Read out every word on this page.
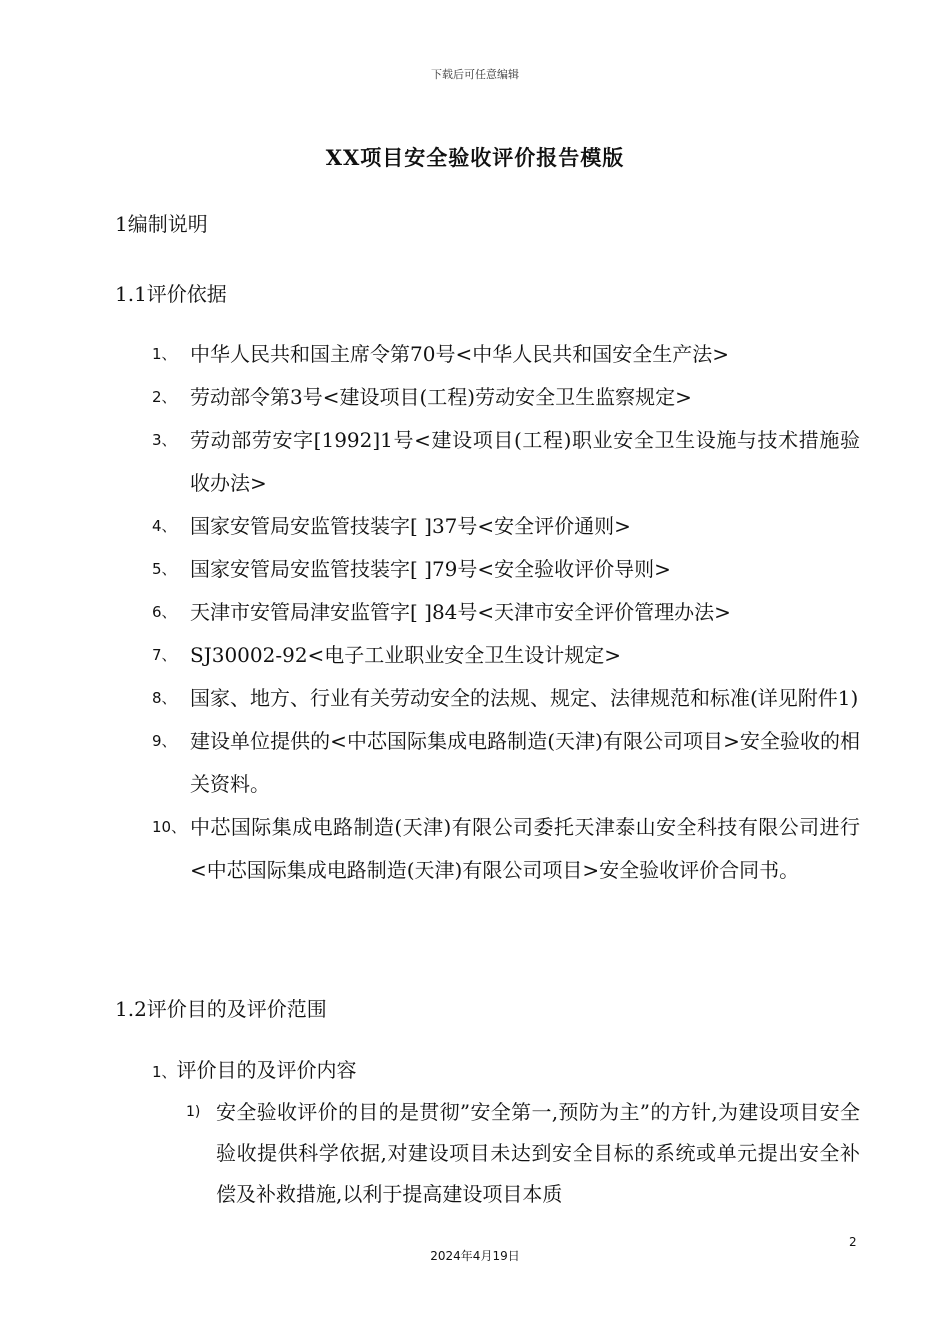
下载后可任意编辑
XX项目安全验收评价报告模版
1编制说明
1.1评价依据
1、 中华人民共和国主席令第70号<中华人民共和国安全生产法>
2、 劳动部令第3号<建设项目(工程)劳动安全卫生监察规定>
3、 劳动部劳安字[1992]1号<建设项目(工程)职业安全卫生设施与技术措施验收办法>
4、 国家安管局安监管技装字[ ]37号<安全评价通则>
5、 国家安管局安监管技装字[ ]79号<安全验收评价导则>
6、 天津市安管局津安监管字[ ]84号<天津市安全评价管理办法>
7、 SJ30002-92<电子工业职业安全卫生设计规定>
8、 国家、地方、行业有关劳动安全的法规、规定、法律规范和标准(详见附件1)
9、 建设单位提供的<中芯国际集成电路制造(天津)有限公司项目>安全验收的相关资料。
10、 中芯国际集成电路制造(天津)有限公司委托天津泰山安全科技有限公司进行<中芯国际集成电路制造(天津)有限公司项目>安全验收评价合同书。
1.2评价目的及评价范围
1、评价目的及评价内容
1) 安全验收评价的目的是贯彻”安全第一,预防为主”的方针,为建设项目安全验收提供科学依据,对建设项目未达到安全目标的系统或单元提出安全补偿及补救措施,以利于提高建设项目本质
2
2024年4月19日
